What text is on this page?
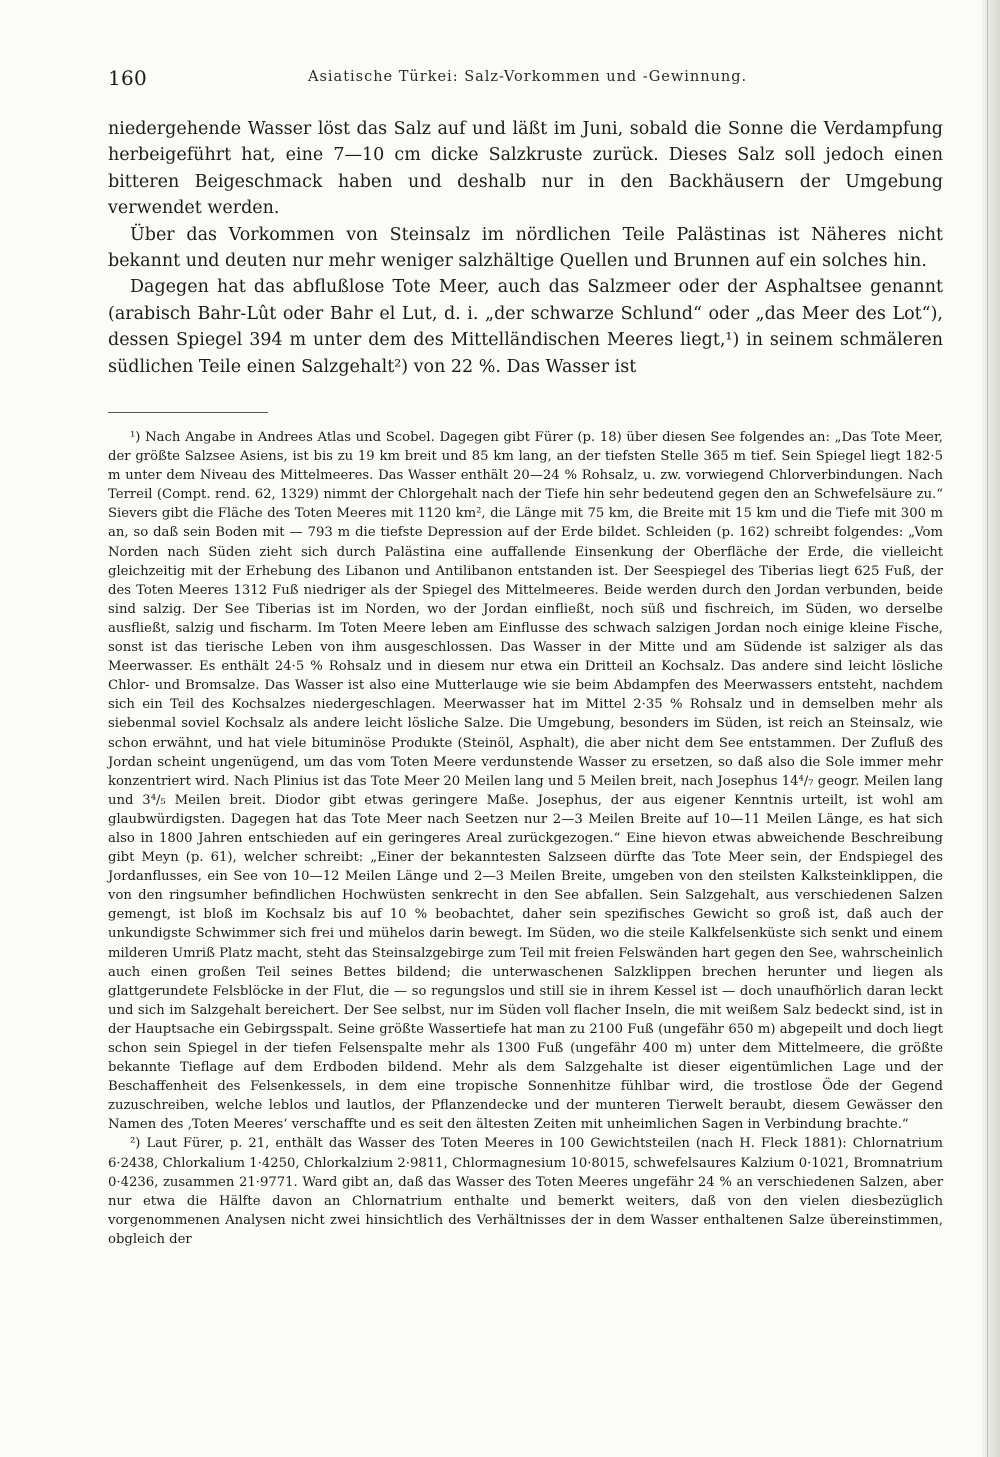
160	Asiatische Türkei: Salz-Vorkommen und -Gewinnung.

niedergehende Wasser löst das Salz auf und läßt im Juni, sobald die Sonne die Verdampfung herbeigeführt hat, eine 7—10 cm dicke Salzkruste zurück. Dieses Salz soll jedoch einen bitteren Beigeschmack haben und deshalb nur in den Backhäusern der Umgebung verwendet werden.

Über das Vorkommen von Steinsalz im nördlichen Teile Palästinas ist Näheres nicht bekannt und deuten nur mehr weniger salzhältige Quellen und Brunnen auf ein solches hin.

Dagegen hat das abflußlose Tote Meer, auch das Salzmeer oder der Asphaltsee genannt (arabisch Bahr-Lût oder Bahr el Lut, d. i. „der schwarze Schlund“ oder „das Meer des Lot“), dessen Spiegel 394 m unter dem des Mittelländischen Meeres liegt,¹) in seinem schmäleren südlichen Teile einen Salzgehalt²) von 22 %. Das Wasser ist

¹) Nach Angabe in Andrees Atlas und Scobel. Dagegen gibt Fürer (p. 18) über diesen See folgendes an: „Das Tote Meer, der größte Salzsee Asiens, ist bis zu 19 km breit und 85 km lang, an der tiefsten Stelle 365 m tief. Sein Spiegel liegt 182·5 m unter dem Niveau des Mittelmeeres. Das Wasser enthält 20—24 % Rohsalz, u. zw. vorwiegend Chlorverbindungen. Nach Terreil (Compt. rend. 62, 1329) nimmt der Chlorgehalt nach der Tiefe hin sehr bedeutend gegen den an Schwefelsäure zu.“ Sievers gibt die Fläche des Toten Meeres mit 1120 km², die Länge mit 75 km, die Breite mit 15 km und die Tiefe mit 300 m an, so daß sein Boden mit — 793 m die tiefste Depression auf der Erde bildet. Schleiden (p. 162) schreibt folgendes: „Vom Norden nach Süden zieht sich durch Palästina eine auffallende Einsenkung der Oberfläche der Erde, die vielleicht gleichzeitig mit der Erhebung des Libanon und Antilibanon entstanden ist. Der Seespiegel des Tiberias liegt 625 Fuß, der des Toten Meeres 1312 Fuß niedriger als der Spiegel des Mittelmeeres. Beide werden durch den Jordan verbunden, beide sind salzig. Der See Tiberias ist im Norden, wo der Jordan einfließt, noch süß und fischreich, im Süden, wo derselbe ausfließt, salzig und fischarm. Im Toten Meere leben am Einflusse des schwach salzigen Jordan noch einige kleine Fische, sonst ist das tierische Leben von ihm ausgeschlossen. Das Wasser in der Mitte und am Südende ist salziger als das Meerwasser. Es enthält 24·5 % Rohsalz und in diesem nur etwa ein Dritteil an Kochsalz. Das andere sind leicht lösliche Chlor- und Bromsalze. Das Wasser ist also eine Mutterlauge wie sie beim Abdampfen des Meerwassers entsteht, nachdem sich ein Teil des Kochsalzes niedergeschlagen. Meerwasser hat im Mittel 2·35 % Rohsalz und in demselben mehr als siebenmal soviel Kochsalz als andere leicht lösliche Salze. Die Umgebung, besonders im Süden, ist reich an Steinsalz, wie schon erwähnt, und hat viele bituminöse Produkte (Steinöl, Asphalt), die aber nicht dem See entstammen. Der Zufluß des Jordan scheint ungenügend, um das vom Toten Meere verdunstende Wasser zu ersetzen, so daß also die Sole immer mehr konzentriert wird. Nach Plinius ist das Tote Meer 20 Meilen lang und 5 Meilen breit, nach Josephus 14⁴/₇ geogr. Meilen lang und 3⁴/₅ Meilen breit. Diodor gibt etwas geringere Maße. Josephus, der aus eigener Kenntnis urteilt, ist wohl am glaubwürdigsten. Dagegen hat das Tote Meer nach Seetzen nur 2—3 Meilen Breite auf 10—11 Meilen Länge, es hat sich also in 1800 Jahren entschieden auf ein geringeres Areal zurückgezogen.“ Eine hievon etwas abweichende Beschreibung gibt Meyn (p. 61), welcher schreibt: „Einer der bekanntesten Salzseen dürfte das Tote Meer sein, der Endspiegel des Jordanflusses, ein See von 10—12 Meilen Länge und 2—3 Meilen Breite, umgeben von den steilsten Kalksteinklippen, die von den ringsumher befindlichen Hochwüsten senkrecht in den See abfallen. Sein Salzgehalt, aus verschiedenen Salzen gemengt, ist bloß im Kochsalz bis auf 10 % beobachtet, daher sein spezifisches Gewicht so groß ist, daß auch der unkundigste Schwimmer sich frei und mühelos darin bewegt. Im Süden, wo die steile Kalkfelsenküste sich senkt und einem milderen Umriß Platz macht, steht das Steinsalzgebirge zum Teil mit freien Felswänden hart gegen den See, wahrscheinlich auch einen großen Teil seines Bettes bildend; die unterwaschenen Salzklippen brechen herunter und liegen als glattgerundete Felsblöcke in der Flut, die — so regungslos und still sie in ihrem Kessel ist — doch unaufhörlich daran leckt und sich im Salzgehalt bereichert. Der See selbst, nur im Süden voll flacher Inseln, die mit weißem Salz bedeckt sind, ist in der Hauptsache ein Gebirgsspalt. Seine größte Wassertiefe hat man zu 2100 Fuß (ungefähr 650 m) abgepeilt und doch liegt schon sein Spiegel in der tiefen Felsenspalte mehr als 1300 Fuß (ungefähr 400 m) unter dem Mittelmeere, die größte bekannte Tieflage auf dem Erdboden bildend. Mehr als dem Salzgehalte ist dieser eigentümlichen Lage und der Beschaffenheit des Felsenkessels, in dem eine tropische Sonnenhitze fühlbar wird, die trostlose Öde der Gegend zuzuschreiben, welche leblos und lautlos, der Pflanzendecke und der munteren Tierwelt beraubt, diesem Gewässer den Namen des ‚Toten Meeres‘ verschaffte und es seit den ältesten Zeiten mit unheimlichen Sagen in Verbindung brachte.“

²) Laut Fürer, p. 21, enthält das Wasser des Toten Meeres in 100 Gewichtsteilen (nach H. Fleck 1881): Chlornatrium 6·2438, Chlorkalium 1·4250, Chlorkalzium 2·9811, Chlormagnesium 10·8015, schwefelsaures Kalzium 0·1021, Bromnatrium 0·4236, zusammen 21·9771. Ward gibt an, daß das Wasser des Toten Meeres ungefähr 24 % an verschiedenen Salzen, aber nur etwa die Hälfte davon an Chlornatrium enthalte und bemerkt weiters, daß von den vielen diesbezüglich vorgenommenen Analysen nicht zwei hinsichtlich des Verhältnisses der in dem Wasser enthaltenen Salze übereinstimmen, obgleich der
